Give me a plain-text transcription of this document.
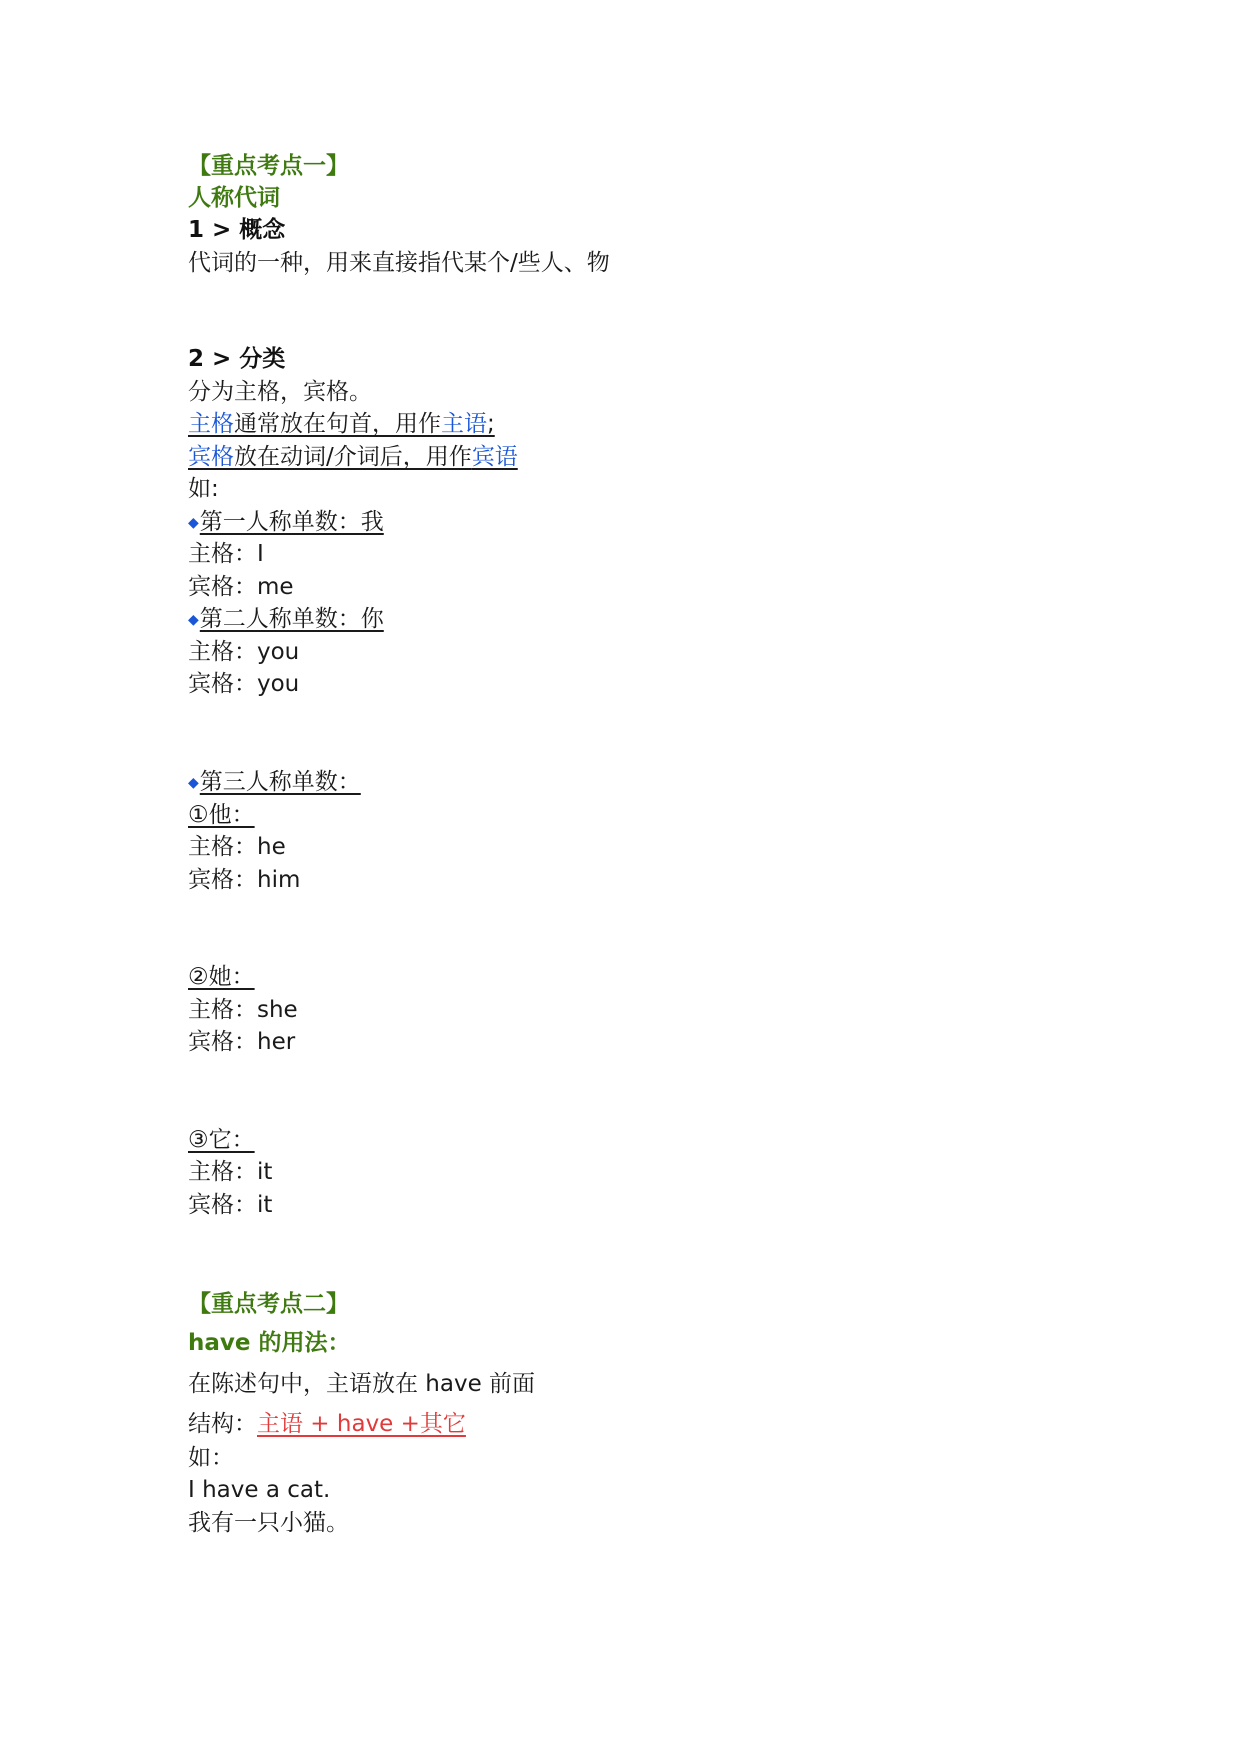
【重点考点一】
人称代词
1 > 概念
代词的一种，用来直接指代某个/些人、物
2 > 分类
分为主格，宾格。
主格通常放在句首，用作主语;
宾格放在动词/介词后，用作宾语
如:
◆第一人称单数：我
主格：I
宾格：me
◆第二人称单数：你
主格：you
宾格：you
◆第三人称单数：
①他：
主格：he
宾格：him
②她：
主格：she
宾格：her
③它：
主格：it
宾格：it
【重点考点二】
have 的用法：
在陈述句中，主语放在 have 前面
结构：主语 + have +其它
如：
I have a cat.
我有一只小猫。
